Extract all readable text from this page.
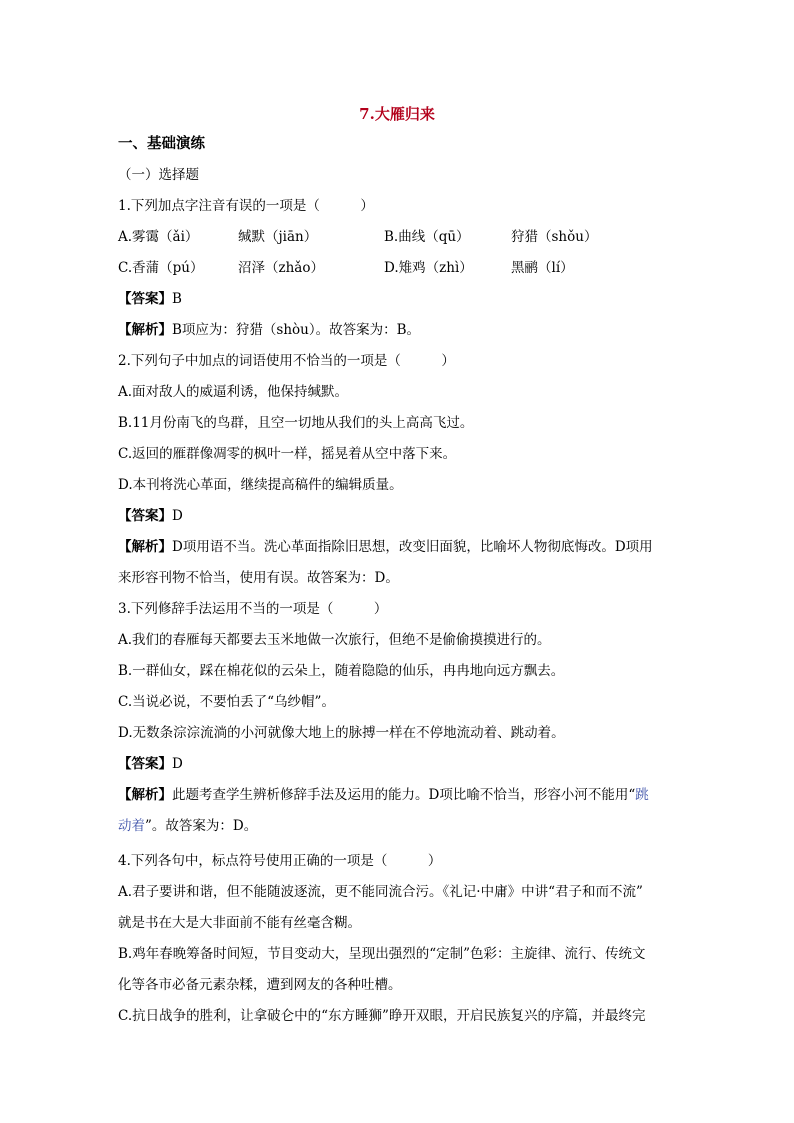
7.大雁归来
一、基础演练
（一）选择题
1.下列加点字注音有误的一项是（　　　）
A.雾霭（ǎi）	缄默（jiān）	B.曲线（qū）	狩猎（shǒu）
C.香蒲（pú）	沼泽（zhǎo）	D.雉鸡（zhì）	黑鹂（lí）
【答案】B
【解析】B项应为：狩猎（shòu）。故答案为：B。
2.下列句子中加点的词语使用不恰当的一项是（　　　）
A.面对敌人的威逼利诱，他保持缄默。
B.11月份南飞的鸟群，且空一切地从我们的头上高高飞过。
C.返回的雁群像凋零的枫叶一样，摇晃着从空中落下来。
D.本刊将洗心革面，继续提高稿件的编辑质量。
【答案】D
【解析】D项用语不当。洗心革面指除旧思想，改变旧面貌，比喻坏人物彻底悔改。D项用
来形容刊物不恰当，使用有误。故答案为：D。
3.下列修辞手法运用不当的一项是（　　　）
A.我们的春雁每天都要去玉米地做一次旅行，但绝不是偷偷摸摸进行的。
B.一群仙女，踩在棉花似的云朵上，随着隐隐的仙乐，冉冉地向远方飘去。
C.当说必说，不要怕丢了“乌纱帽”。
D.无数条淙淙流淌的小河就像大地上的脉搏一样在不停地流动着、跳动着。
【答案】D
【解析】此题考查学生辨析修辞手法及运用的能力。D项比喻不恰当，形容小河不能用“跳
动着”。故答案为：D。
4.下列各句中，标点符号使用正确的一项是（　　　）
A.君子要讲和谐，但不能随波逐流，更不能同流合污。《礼记·中庸》中讲“君子和而不流”
就是书在大是大非面前不能有丝毫含糊。
B.鸡年春晚筹备时间短，节目变动大，呈现出强烈的“定制”色彩：主旋律、流行、传统文
化等各市必备元素杂糅，遭到网友的各种吐槽。
C.抗日战争的胜利，让拿破仑中的“东方睡狮”睁开双眼，开启民族复兴的序篇，并最终完
